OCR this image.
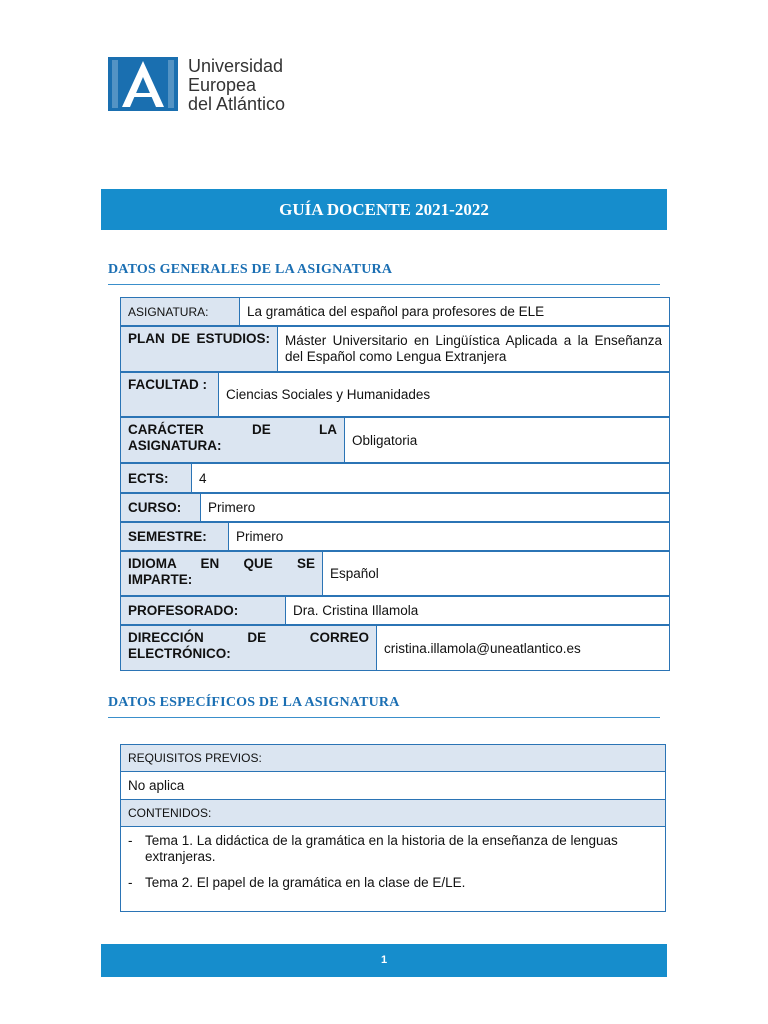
Universidad
Europea
del Atlántico
GUÍA DOCENTE 2021-2022
DATOS GENERALES DE LA ASIGNATURA
ASIGNATURA:	La gramática del español para profesores de ELE
PLAN DE ESTUDIOS: Máster Universitario en Lingüística Aplicada a la Enseñanza del Español como Lengua Extranjera
FACULTAD :
Ciencias Sociales y Humanidades
CARÁCTER DE LA ASIGNATURA:	Obligatoria
ECTS:	4
CURSO:	Primero
SEMESTRE:	Primero
IDIOMA EN QUE SE IMPARTE:	Español
PROFESORADO:	Dra. Cristina Illamola
DIRECCIÓN DE CORREO ELECTRÓNICO:	cristina.illamola@uneatlantico.es
DATOS ESPECÍFICOS DE LA ASIGNATURA
REQUISITOS PREVIOS:
No aplica
CONTENIDOS:
- Tema 1. La didáctica de la gramática en la historia de la enseñanza de lenguas extranjeras.
- Tema 2. El papel de la gramática en la clase de E/LE.
1
